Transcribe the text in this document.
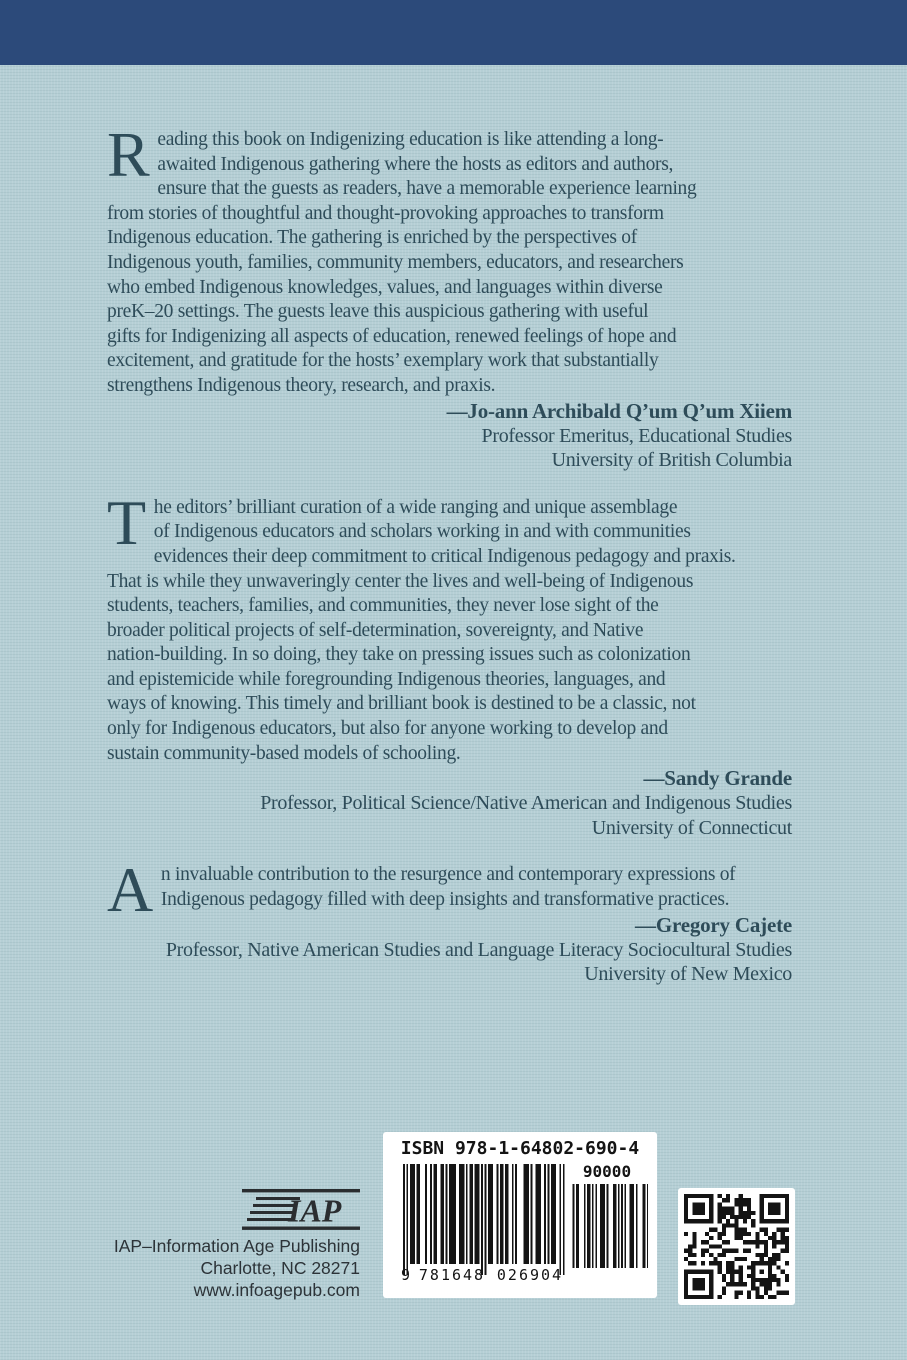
R eading this book on Indigenizing education is like attending a long-
awaited Indigenous gathering where the hosts as editors and authors,
ensure that the guests as readers, have a memorable experience learning
from stories of thoughtful and thought-provoking approaches to transform
Indigenous education. The gathering is enriched by the perspectives of
Indigenous youth, families, community members, educators, and researchers
who embed Indigenous knowledges, values, and languages within diverse
preK–20 settings. The guests leave this auspicious gathering with useful
gifts for Indigenizing all aspects of education, renewed feelings of hope and
excitement, and gratitude for the hosts’ exemplary work that substantially
strengthens Indigenous theory, research, and praxis.
—Jo-ann Archibald Q’um Q’um Xiiem
Professor Emeritus, Educational Studies
University of British Columbia
T he editors’ brilliant curation of a wide ranging and unique assemblage
of Indigenous educators and scholars working in and with communities
evidences their deep commitment to critical Indigenous pedagogy and praxis.
That is while they unwaveringly center the lives and well-being of Indigenous
students, teachers, families, and communities, they never lose sight of the
broader political projects of self-determination, sovereignty, and Native
nation-building. In so doing, they take on pressing issues such as colonization
and epistemicide while foregrounding Indigenous theories, languages, and
ways of knowing. This timely and brilliant book is destined to be a classic, not
only for Indigenous educators, but also for anyone working to develop and
sustain community-based models of schooling.
—Sandy Grande
Professor, Political Science/Native American and Indigenous Studies
University of Connecticut
A n invaluable contribution to the resurgence and contemporary expressions of
Indigenous pedagogy filled with deep insights and transformative practices.
—Gregory Cajete
Professor, Native American Studies and Language Literacy Sociocultural Studies
University of New Mexico
IAP
IAP–Information Age Publishing
Charlotte, NC 28271
www.infoagepub.com
ISBN 978-1-64802-690-4
90000
9 781648 026904
